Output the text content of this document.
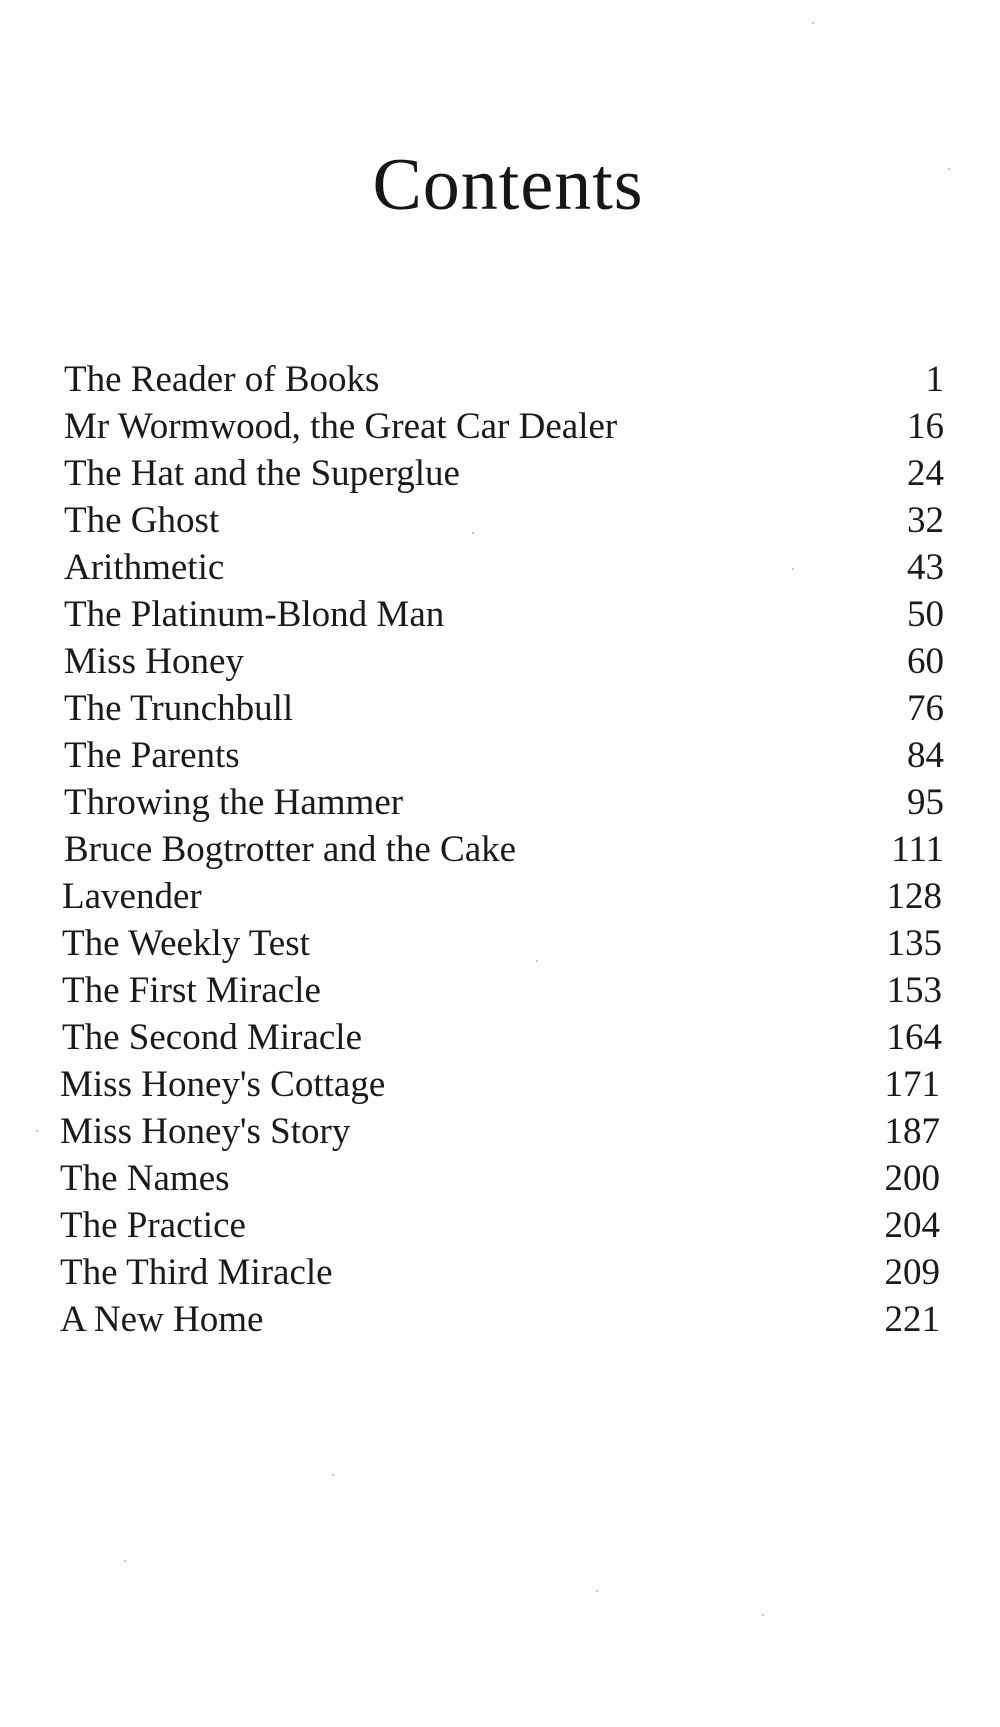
Contents
The Reader of Books	1
Mr Wormwood, the Great Car Dealer	16
The Hat and the Superglue	24
The Ghost	32
Arithmetic	43
The Platinum-Blond Man	50
Miss Honey	60
The Trunchbull	76
The Parents	84
Throwing the Hammer	95
Bruce Bogtrotter and the Cake	111
Lavender	128
The Weekly Test	135
The First Miracle	153
The Second Miracle	164
Miss Honey's Cottage	171
Miss Honey's Story	187
The Names	200
The Practice	204
The Third Miracle	209
A New Home	221
